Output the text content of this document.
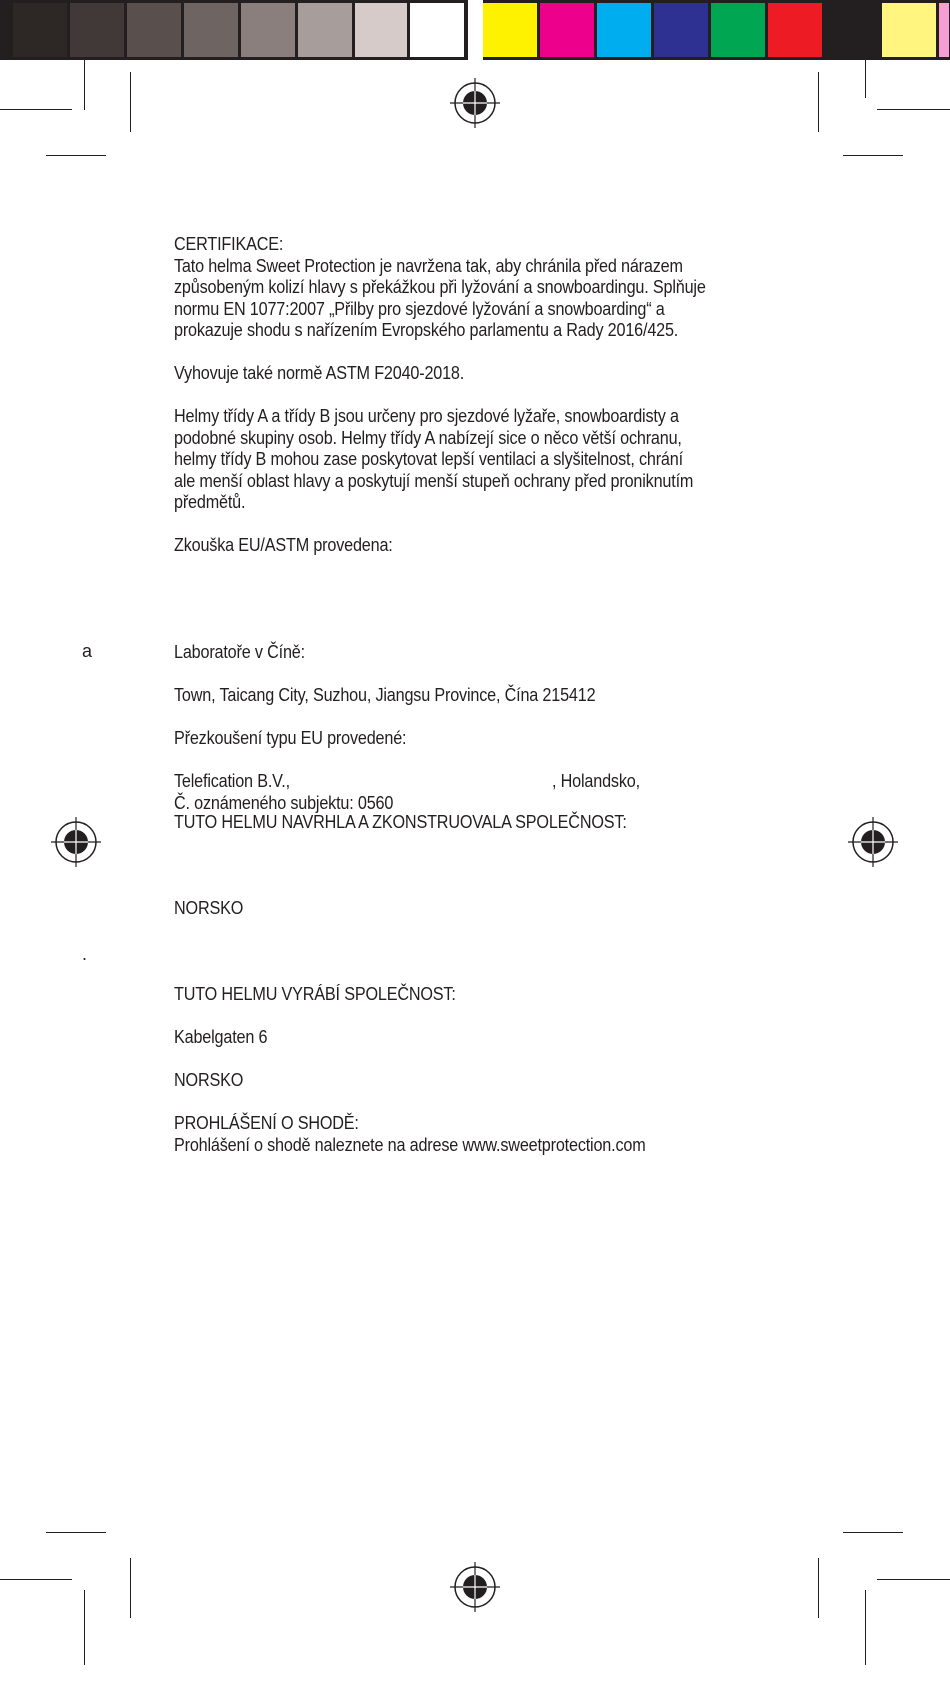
a
.

CERTIFIKACE:

Tato helma Sweet Protection je navržena tak, aby chránila před nárazem
způsobeným kolizí hlavy s překážkou při lyžování a snowboardingu. Splňuje
normu EN 1077:2007 „Přilby pro sjezdové lyžování a snowboarding“ a
prokazuje shodu s nařízením Evropského parlamentu a Rady 2016/425.

Vyhovuje také normě ASTM F2040-2018.

Helmy třídy A a třídy B jsou určeny pro sjezdové lyžaře, snowboardisty a
podobné skupiny osob. Helmy třídy A nabízejí sice o něco větší ochranu,
helmy třídy B mohou zase poskytovat lepší ventilaci a slyšitelnost, chrání
ale menší oblast hlavy a poskytují menší stupeň ochrany před proniknutím
předmětů.

Zkouška EU/ASTM provedena:

Laboratoře v Číně:

Town, Taicang City, Suzhou, Jiangsu Province, Čína 215412

Přezkoušení typu EU provedené:

Telefication B.V.,	, Holandsko,

Č. oznámeného subjektu: 0560

TUTO HELMU NAVRHLA A ZKONSTRUOVALA SPOLEČNOST:

NORSKO

TUTO HELMU VYRÁBÍ SPOLEČNOST:

Kabelgaten 6

NORSKO

PROHLÁŠENÍ O SHODĚ:

Prohlášení o shodě naleznete na adrese www.sweetprotection.com
